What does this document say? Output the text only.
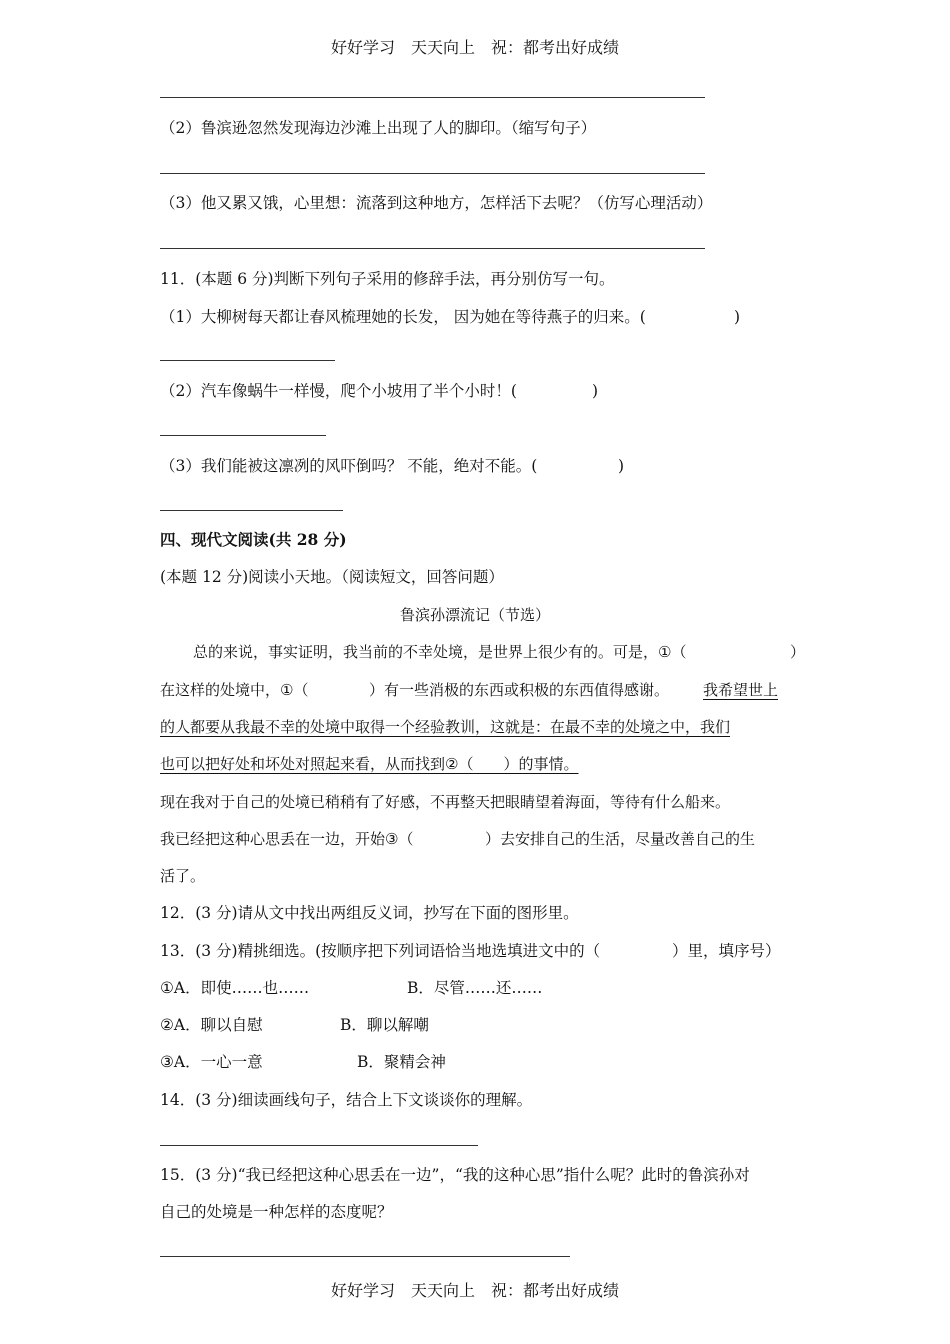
好好学习　天天向上　祝：都考出好成绩
好好学习　天天向上　祝：都考出好成绩
（2）鲁滨逊忽然发现海边沙滩上出现了人的脚印。（缩写句子）
（3）他又累又饿，心里想：流落到这种地方，怎样活下去呢？（仿写心理活动）
11．(本题 6 分)判断下列句子采用的修辞手法，再分别仿写一句。
（1）大柳树每天都让春风梳理她的长发， 因为她在等待燕子的归来。(	)
（2）汽车像蜗牛一样慢，爬个小坡用了半个小时！(	)
（3）我们能被这凛冽的风吓倒吗？ 不能，绝对不能。(	)
四、现代文阅读(共 28 分)
(本题 12 分)阅读小天地。（阅读短文，回答问题）
鲁滨孙漂流记（节选）
总的来说，事实证明，我当前的不幸处境，是世界上很少有的。可是，①（	）
在这样的处境中，①（	）有一些消极的东西或积极的东西值得感谢。 我希望世上
的人都要从我最不幸的处境中取得一个经验教训，这就是：在最不幸的处境之中，我们
也可以把好处和坏处对照起来看，从而找到②（　　）的事情。
现在我对于自己的处境已稍稍有了好感，不再整天把眼睛望着海面，等待有什么船来。
我已经把这种心思丢在一边，开始③（	）去安排自己的生活，尽量改善自己的生
活了。
12．(3 分)请从文中找出两组反义词，抄写在下面的图形里。
13．(3 分)精挑细选。(按顺序把下列词语恰当地选填进文中的（	）里，填序号）
①A．即使……也……	B．尽管……还……
②A．聊以自慰	B．聊以解嘲
③A．一心一意	B．聚精会神
14．(3 分)细读画线句子，结合上下文谈谈你的理解。
15．(3 分)“我已经把这种心思丢在一边”，“我的这种心思”指什么呢？此时的鲁滨孙对
自己的处境是一种怎样的态度呢？
